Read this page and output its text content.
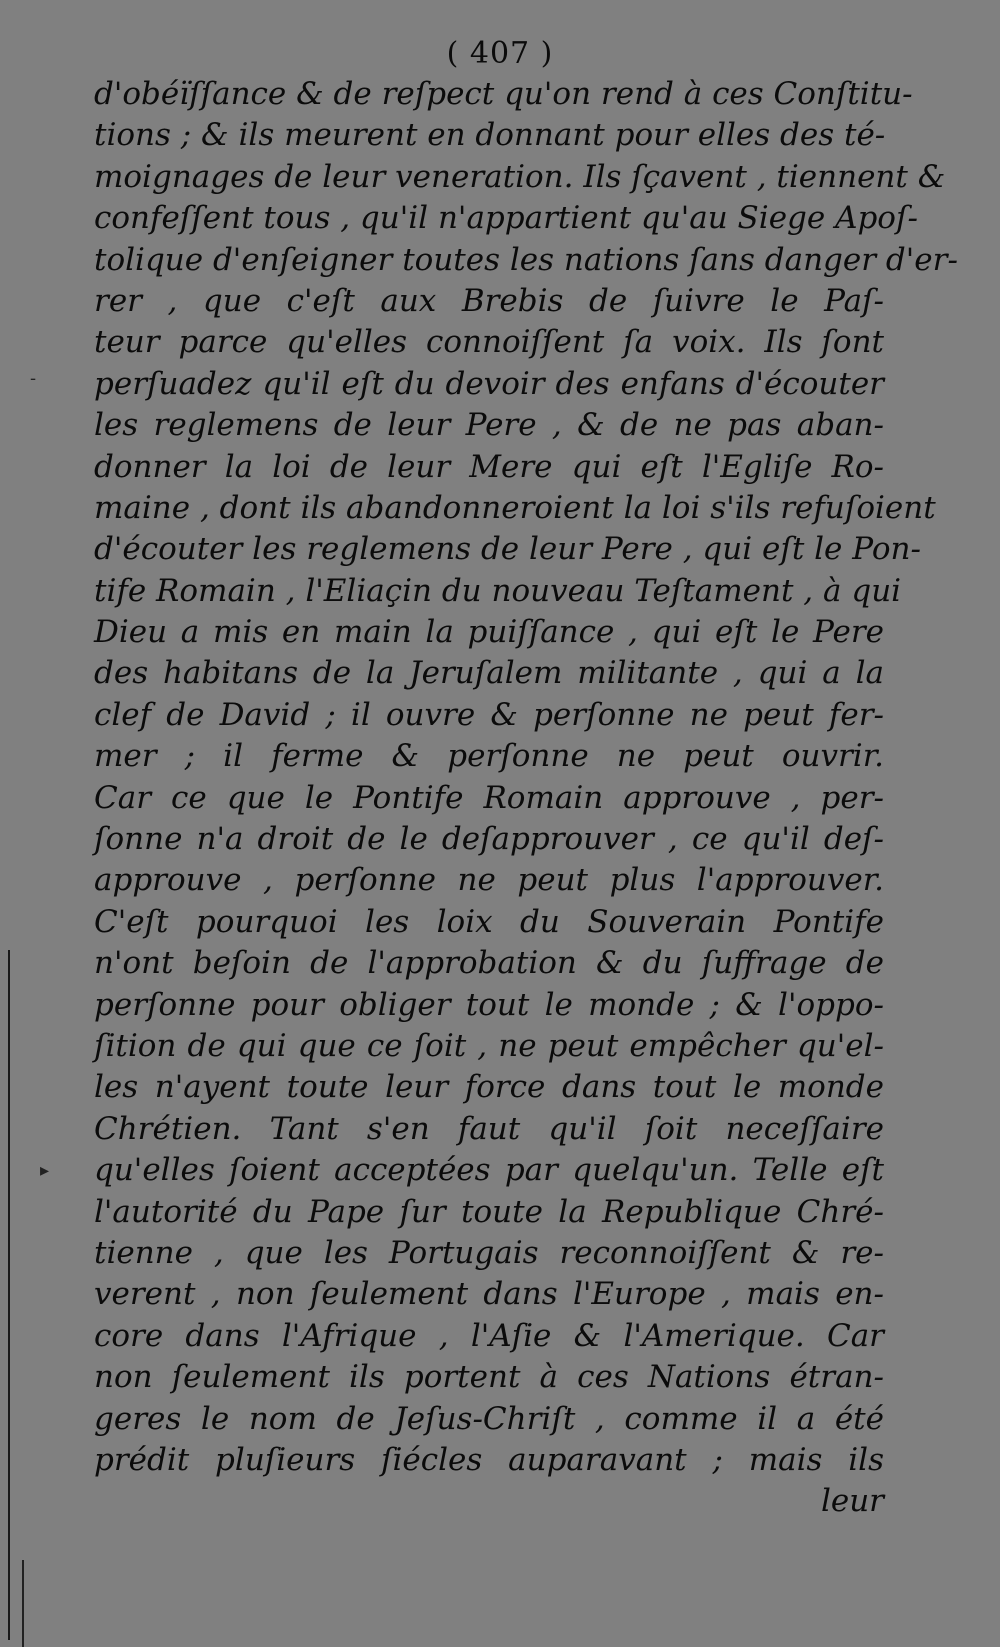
( 407 )
-
▸
d'obéïſſance & de reſpect qu'on rend à ces Conſtitu-
tions ; & ils meurent en donnant pour elles des té-
moignages de leur veneration. Ils ſçavent , tiennent &
confeſſent tous , qu'il n'appartient qu'au Siege Apoſ-
tolique d'enſeigner toutes les nations ſans danger d'er-
rer , que c'eſt aux Brebis de ſuivre le Paſ-
teur parce qu'elles connoiſſent ſa voix. Ils ſont
perſuadez qu'il eſt du devoir des enfans d'écouter
les reglemens de leur Pere , & de ne pas aban-
donner la loi de leur Mere qui eſt l'Egliſe Ro-
maine , dont ils abandonneroient la loi s'ils refuſoient
d'écouter les reglemens de leur Pere , qui eſt le Pon-
tife Romain , l'Eliaçin du nouveau Teſtament , à qui
Dieu a mis en main la puiſſance , qui eſt le Pere
des habitans de la Jeruſalem militante , qui a la
clef de David ; il ouvre & perſonne ne peut fer-
mer ; il ferme & perſonne ne peut ouvrir.
Car ce que le Pontife Romain approuve , per-
ſonne n'a droit de le deſapprouver , ce qu'il deſ-
approuve , perſonne ne peut plus l'approuver.
C'eſt pourquoi les loix du Souverain Pontife
n'ont beſoin de l'approbation & du ſuffrage de
perſonne pour obliger tout le monde ; & l'oppo-
ſition de qui que ce ſoit , ne peut empêcher qu'el-
les n'ayent toute leur force dans tout le monde
Chrétien. Tant s'en faut qu'il ſoit neceſſaire
qu'elles ſoient acceptées par quelqu'un. Telle eſt
l'autorité du Pape ſur toute la Republique Chré-
tienne , que les Portugais reconnoiſſent & re-
verent , non ſeulement dans l'Europe , mais en-
core dans l'Afrique , l'Aſie & l'Amerique. Car
non ſeulement ils portent à ces Nations étran-
geres le nom de Jeſus-Chriſt , comme il a été
prédit pluſieurs ſiécles auparavant ; mais ils
leur
